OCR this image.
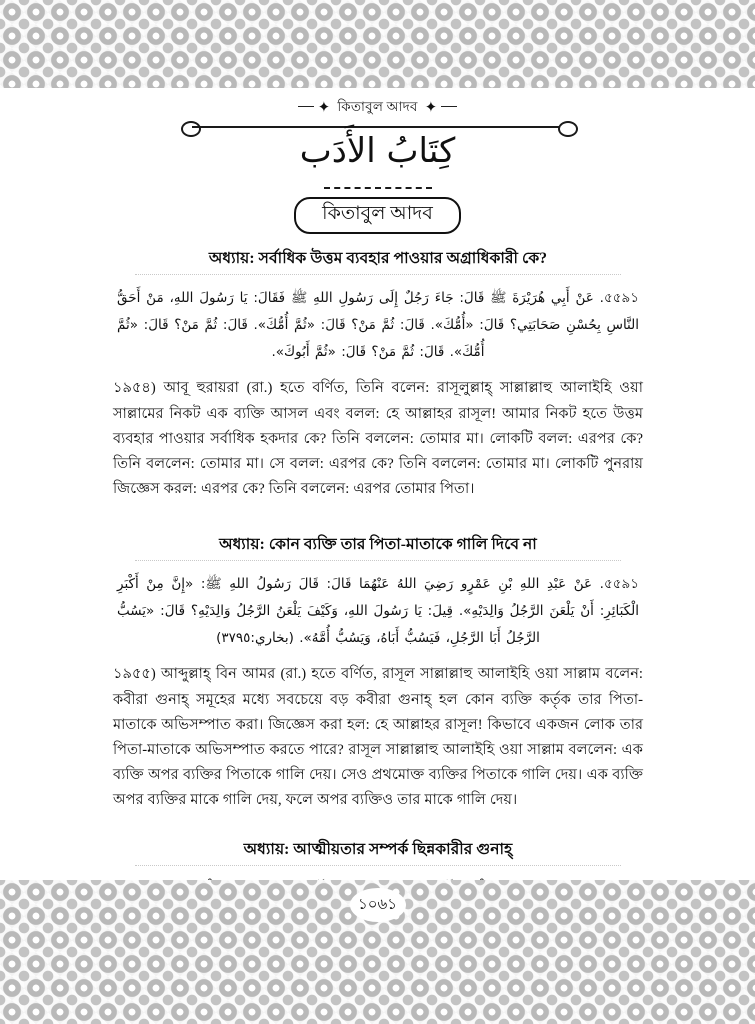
✦ কিতাবুল আদব ✦
كِتَابُ الأَدَب
কিতাবুল আদব
অধ্যায়: সর্বাধিক উত্তম ব্যবহার পাওয়ার অগ্রাধিকারী কে?
৫৫৯১. عَنْ أَبِي هُرَيْرَةَ ﷺ قَالَ: جَاءَ رَجُلٌ إِلَى رَسُولِ اللهِ ﷺ فَقَالَ: يَا رَسُولَ اللهِ، مَنْ أَحَقُّ النَّاسِ بِحُسْنِ صَحَابَتِي؟ قَالَ: «أُمُّكَ». قَالَ: ثُمَّ مَنْ؟ قَالَ: «ثُمَّ أُمُّكَ». قَالَ: ثُمَّ مَنْ؟ قَالَ: «ثُمَّ أُمُّكَ». قَالَ: ثُمَّ مَنْ؟ قَالَ: «ثُمَّ أَبُوكَ».
১৯৫৪) আবূ হুরায়রা (রা.) হতে বর্ণিত, তিনি বলেন: রাসূলুল্লাহ্ সাল্লাল্লাহু আলাইহি ওয়া সাল্লামের নিকট এক ব্যক্তি আসল এবং বলল: হে আল্লাহর রাসূল! আমার নিকট হতে উত্তম ব্যবহার পাওয়ার সর্বাধিক হকদার কে? তিনি বললেন: তোমার মা। লোকটি বলল: এরপর কে? তিনি বললেন: তোমার মা। সে বলল: এরপর কে? তিনি বললেন: তোমার মা। লোকটি পুনরায় জিজ্ঞেস করল: এরপর কে? তিনি বললেন: এরপর তোমার পিতা।
অধ্যায়: কোন ব্যক্তি তার পিতা-মাতাকে গালি দিবে না
৫৫৯১. عَنْ عَبْدِ اللهِ بْنِ عَمْرٍو رَضِيَ اللهُ عَنْهُمَا قَالَ: قَالَ رَسُولُ اللهِ ﷺ: «إِنَّ مِنْ أَكْبَرِ الْكَبَائِرِ: أَنْ يَلْعَنَ الرَّجُلُ وَالِدَيْهِ». قِيلَ: يَا رَسُولَ اللهِ، وَكَيْفَ يَلْعَنُ الرَّجُلُ وَالِدَيْهِ؟ قَالَ: «يَسُبُّ الرَّجُلُ أَبَا الرَّجُلِ، فَيَسُبُّ أَبَاهُ، وَيَسُبُّ أُمَّهُ». (بخاري:٣٧٩٥)
১৯৫৫) আব্দুল্লাহ্ বিন আমর (রা.) হতে বর্ণিত, রাসূল সাল্লাল্লাহু আলাইহি ওয়া সাল্লাম বলেন: কবীরা গুনাহ্ সমূহের মধ্যে সবচেয়ে বড় কবীরা গুনাহ্ হল কোন ব্যক্তি কর্তৃক তার পিতা-মাতাকে অভিসম্পাত করা। জিজ্ঞেস করা হল: হে আল্লাহর রাসূল! কিভাবে একজন লোক তার পিতা-মাতাকে অভিসম্পাত করতে পারে? রাসূল সাল্লাল্লাহু আলাইহি ওয়া সাল্লাম বললেন: এক ব্যক্তি অপর ব্যক্তির পিতাকে গালি দেয়। সেও প্রথমোক্ত ব্যক্তির পিতাকে গালি দেয়। এক ব্যক্তি অপর ব্যক্তির মাকে গালি দেয়, ফলে অপর ব্যক্তিও তার মাকে গালি দেয়।
অধ্যায়: আত্মীয়তার সম্পর্ক ছিন্নকারীর গুনাহ্
১০৬১
